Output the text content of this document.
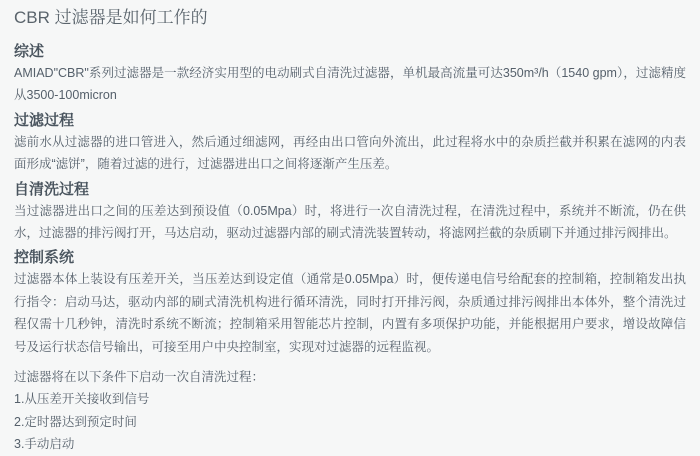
CBR 过滤器是如何工作的
综述

AMIAD"CBR"系列过滤器是一款经济实用型的电动刷式自清洗过滤器，单机最高流量可达350m³/h（1540 gpm），过滤精度从3500-100micron

过滤过程

滤前水从过滤器的进口管进入，然后通过细滤网，再经由出口管向外流出，此过程将水中的杂质拦截并积累在滤网的内表面形成“滤饼”，随着过滤的进行，过滤器进出口之间将逐渐产生压差。

自清洗过程

当过滤器进出口之间的压差达到预设值（0.05Mpa）时，将进行一次自清洗过程，在清洗过程中，系统并不断流，仍在供水，过滤器的排污阀打开，马达启动，驱动过滤器内部的刷式清洗装置转动，将滤网拦截的杂质刷下并通过排污阀排出。

控制系统

过滤器本体上装设有压差开关，当压差达到设定值（通常是0.05Mpa）时，便传递电信号给配套的控制箱，控制箱发出执行指令：启动马达，驱动内部的刷式清洗机构进行循环清洗，同时打开排污阀，杂质通过排污阀排出本体外，整个清洗过程仅需十几秒钟，清洗时系统不断流；控制箱采用智能芯片控制，内置有多项保护功能，并能根据用户要求，增设故障信号及运行状态信号输出，可接至用户中央控制室，实现对过滤器的远程监视。

过滤器将在以下条件下启动一次自清洗过程：

1.从压差开关接收到信号

2.定时器达到预定时间

3.手动启动
